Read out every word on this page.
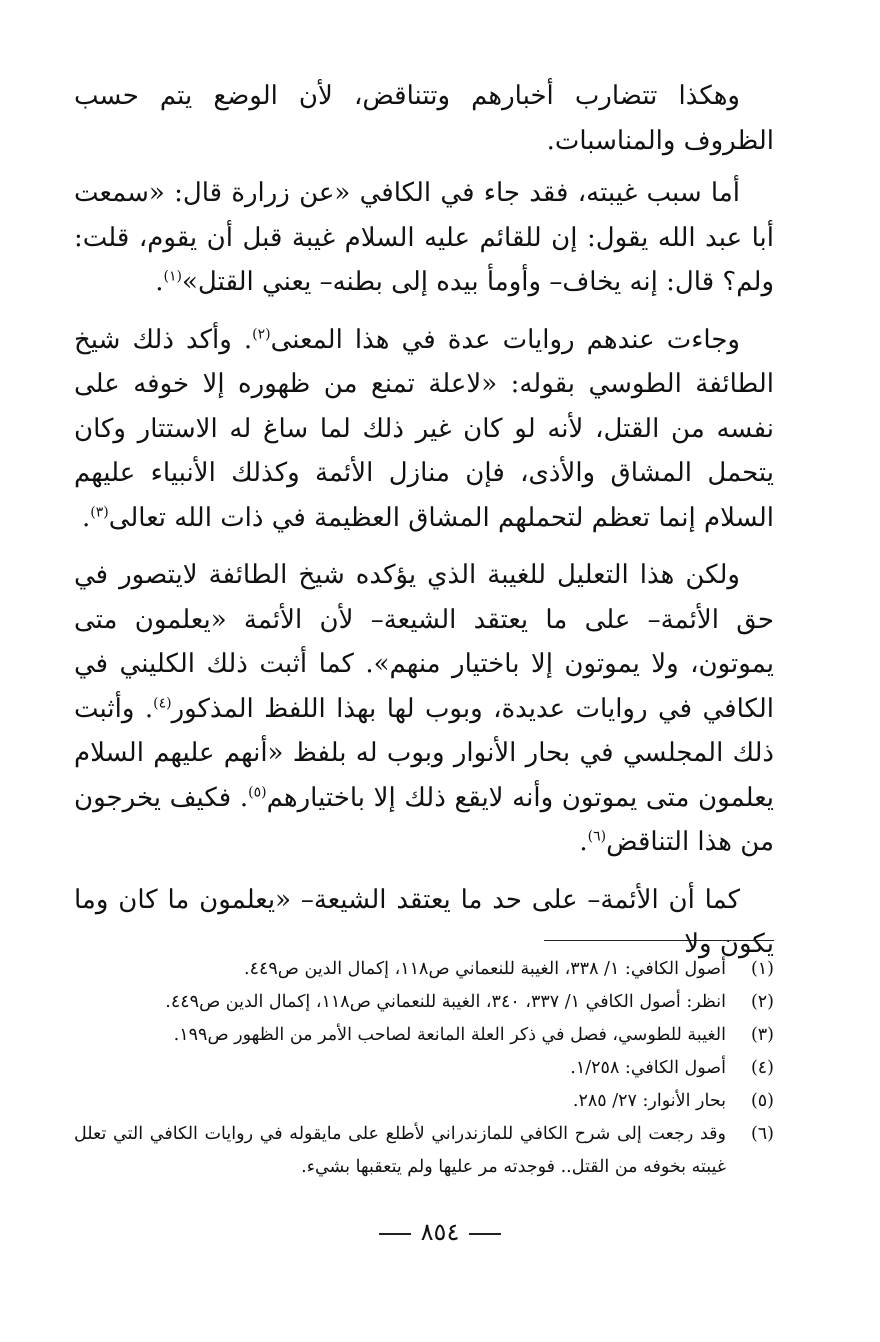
وهكذا تتضارب أخبارهم وتتناقض، لأن الوضع يتم حسب الظروف والمناسبات.

أما سبب غيبته، فقد جاء في الكافي «عن زرارة قال: «سمعت أبا عبد الله يقول: إن للقائم عليه السلام غيبة قبل أن يقوم، قلت: ولم؟ قال: إنه يخاف– وأومأ بيده إلى بطنه– يعني القتل»$^{(١)}$.

وجاءت عندهم روايات عدة في هذا المعنى$^{(٢)}$. وأكد ذلك شيخ الطائفة الطوسي بقوله: «لاعلة تمنع من ظهوره إلا خوفه على نفسه من القتل، لأنه لو كان غير ذلك لما ساغ له الاستتار وكان يتحمل المشاق والأذى، فإن منازل الأئمة وكذلك الأنبياء عليهم السلام إنما تعظم لتحملهم المشاق العظيمة في ذات الله تعالى$^{(٣)}$.

ولكن هذا التعليل للغيبة الذي يؤكده شيخ الطائفة لايتصور في حق الأئمة– على ما يعتقد الشيعة– لأن الأئمة «يعلمون متى يموتون، ولا يموتون إلا باختيار منهم». كما أثبت ذلك الكليني في الكافي في روايات عديدة، وبوب لها بهذا اللفظ المذكور$^{(٤)}$. وأثبت ذلك المجلسي في بحار الأنوار وبوب له بلفظ «أنهم عليهم السلام يعلمون متى يموتون وأنه لايقع ذلك إلا باختيارهم$^{(٥)}$. فكيف يخرجون من هذا التناقض$^{(٦)}$.

كما أن الأئمة– على حد ما يعتقد الشيعة– «يعلمون ما كان وما يكون ولا

(١)
أصول الكافي: ١/ ٣٣٨، الغيبة للنعماني ص١١٨، إكمال الدين ص٤٤٩.
(٢)
انظر: أصول الكافي ١/ ٣٣٧، ٣٤٠، الغيبة للنعماني ص١١٨، إكمال الدين ص٤٤٩.
(٣)
الغيبة للطوسي، فصل في ذكر العلة المانعة لصاحب الأمر من الظهور ص١٩٩.
(٤)
أصول الكافي: ١/٢٥٨.
(٥)
بحار الأنوار: ٢٧/ ٢٨٥.
(٦)
وقد رجعت إلى شرح الكافي للمازندراني لأطلع على مايقوله في روايات الكافي التي تعلل غيبته بخوفه من القتل.. فوجدته مر عليها ولم يتعقبها بشيء.
٨٥٤
